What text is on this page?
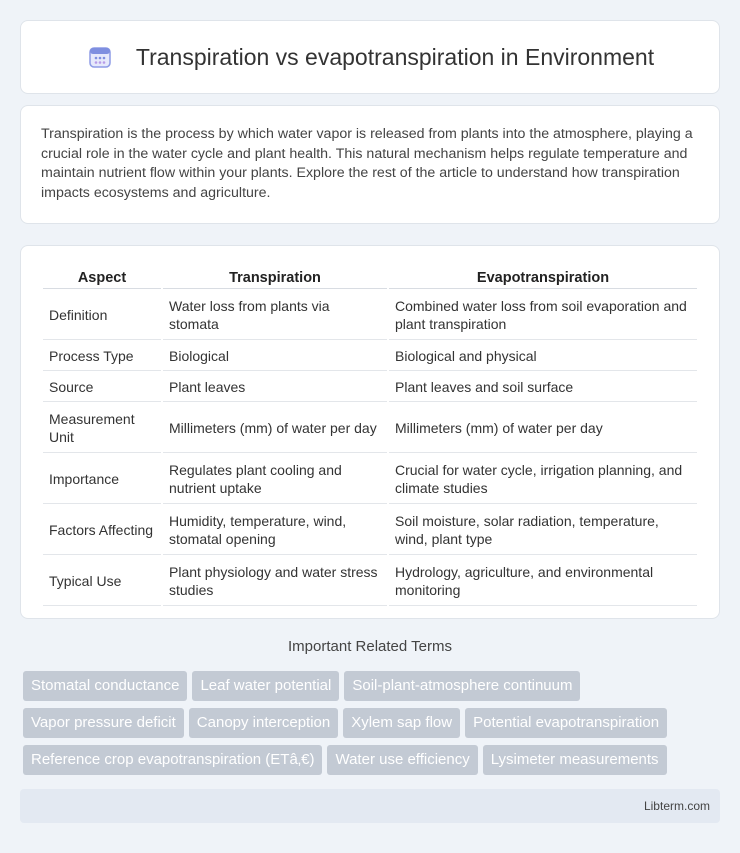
Transpiration vs evapotranspiration in Environment

Transpiration is the process by which water vapor is released from plants into the atmosphere, playing a crucial role in the water cycle and plant health. This natural mechanism helps regulate temperature and maintain nutrient flow within your plants. Explore the rest of the article to understand how transpiration impacts ecosystems and agriculture.

Aspect	Transpiration	Evapotranspiration
Definition	Water loss from plants via stomata	Combined water loss from soil evaporation and plant transpiration
Process Type	Biological	Biological and physical
Source	Plant leaves	Plant leaves and soil surface
Measurement Unit	Millimeters (mm) of water per day	Millimeters (mm) of water per day
Importance	Regulates plant cooling and nutrient uptake	Crucial for water cycle, irrigation planning, and climate studies
Factors Affecting	Humidity, temperature, wind, stomatal opening	Soil moisture, solar radiation, temperature, wind, plant type
Typical Use	Plant physiology and water stress studies	Hydrology, agriculture, and environmental monitoring
Important Related Terms
Stomatal conductance Leaf water potential Soil-plant-atmosphere continuum
Vapor pressure deficit Canopy interception Xylem sap flow Potential evapotranspiration
Reference crop evapotranspiration (ETâ‚€) Water use efficiency Lysimeter measurements
Libterm.com
